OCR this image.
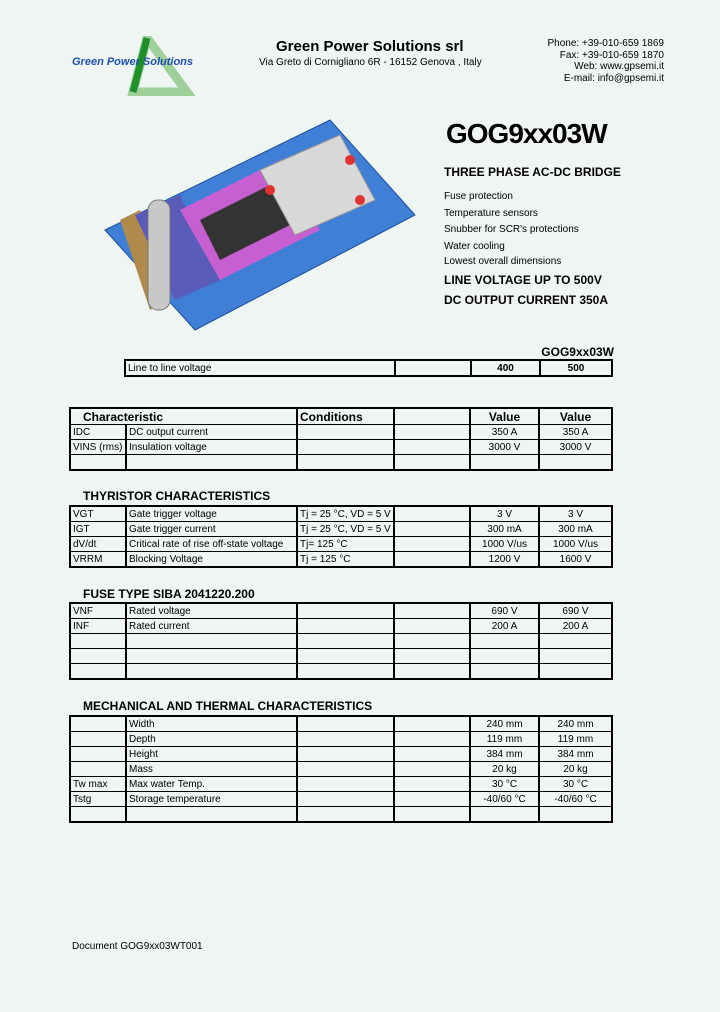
Green Power Solutions
Green Power Solutions srl
Via Greto di Cornigliano 6R - 16152 Genova , Italy
Phone: +39-010-659 1869
Fax: +39-010-659 1870
Web: www.gpsemi.it
E-mail: info@gpsemi.it
GOG9xx03W
THREE PHASE AC-DC BRIDGE
Fuse protection
Temperature sensors
Snubber for SCR's protections
Water cooling
Lowest overall dimensions
LINE VOLTAGE UP TO 500V
DC OUTPUT CURRENT 350A
GOG9xx03W
Line to line voltage		400	500
Characteristic		Conditions		Value	Value
IDC	DC output current			350 A	350 A
VINS (rms)	Insulation voltage			3000 V	3000 V

THYRISTOR CHARACTERISTICS
VGT	Gate trigger voltage	Tj = 25 °C, VD = 5 V		3 V	3 V
IGT	Gate trigger current	Tj = 25 °C, VD = 5 V		300 mA	300 mA
dV/dt	Critical rate of rise off-state voltage	Tj= 125 °C		1000 V/us	1000 V/us
VRRM	Blocking Voltage	Tj = 125 °C		1200 V	1600 V
FUSE TYPE SIBA 2041220.200
VNF	Rated voltage			690 V	690 V
INF	Rated current			200 A	200 A

MECHANICAL AND THERMAL CHARACTERISTICS
	Width			240 mm	240 mm
	Depth			119 mm	119 mm
	Height			384 mm	384 mm
	Mass			20 kg	20 kg
Tw max	Max water Temp.			30 °C	30 °C
Tstg	Storage temperature			-40/60 °C	-40/60 °C

Document GOG9xx03WT001
